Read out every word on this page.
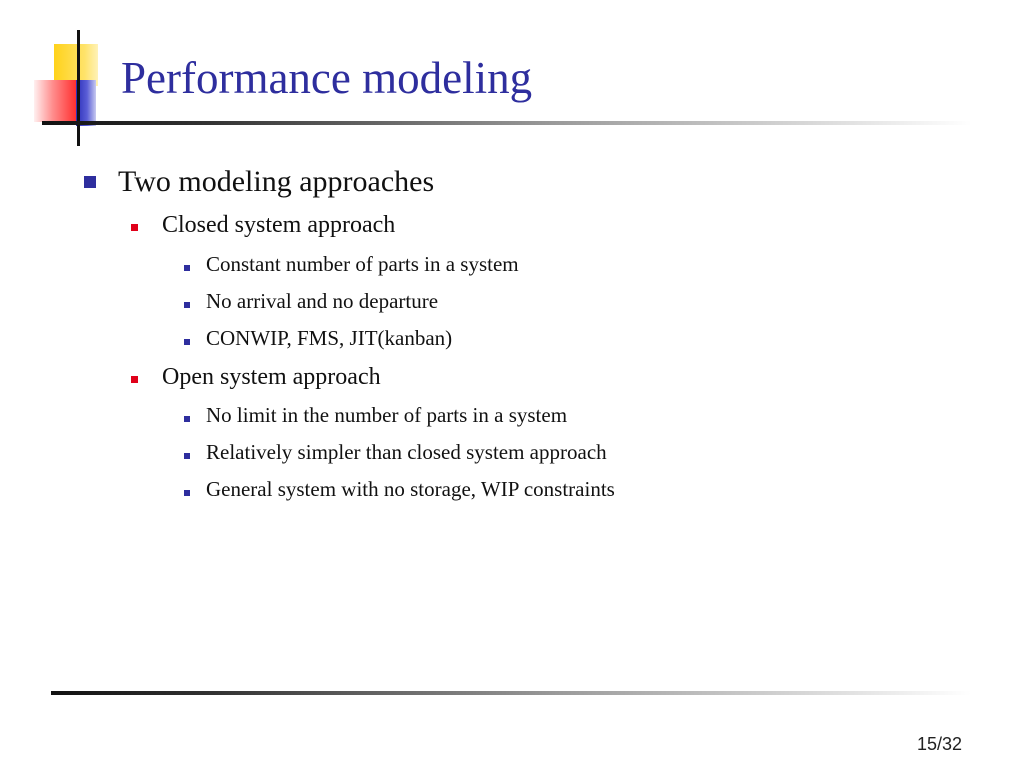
Performance modeling
Two modeling approaches
Closed system approach
Constant number of parts in a system
No arrival and no departure
CONWIP, FMS, JIT(kanban)
Open system approach
No limit in the number of parts in a system
Relatively simpler than closed system approach
General system with no storage, WIP constraints
15/32
